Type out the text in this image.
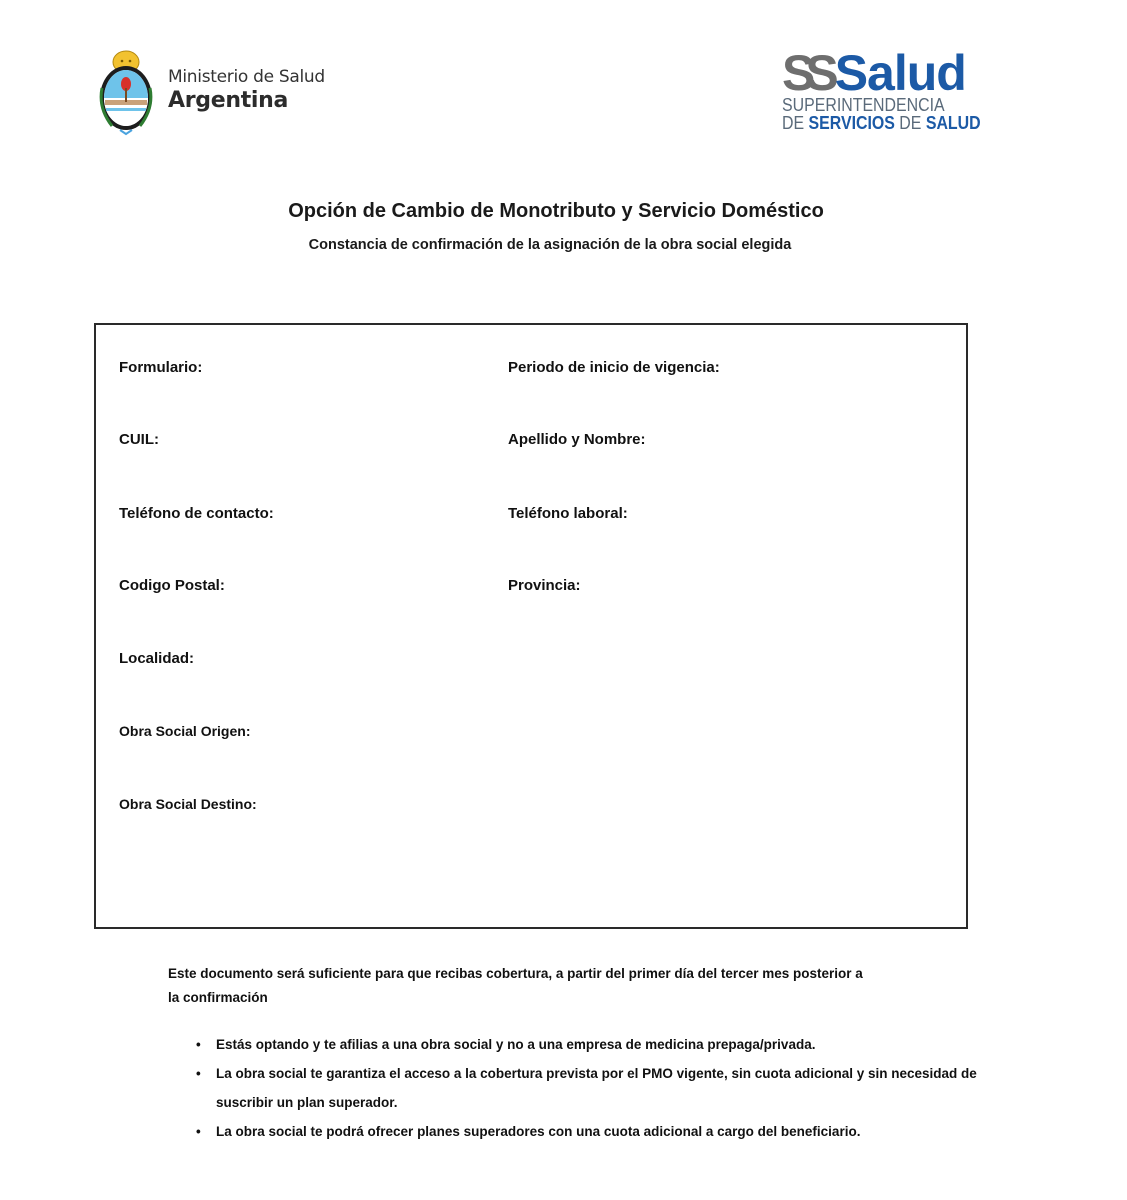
Ministerio de Salud
Argentina	SS Salud
SUPERINTENDENCIA
DE SERVICIOS DE SALUD
Opción de Cambio de Monotributo y Servicio Doméstico
Constancia de confirmación de la asignación de la obra social elegida
Formulario:	Periodo de inicio de vigencia:
CUIL:	Apellido y Nombre:
Teléfono de contacto:	Teléfono laboral:
Codigo Postal:	Provincia:
Localidad:
Obra Social Origen:
Obra Social Destino:
Este documento será suficiente para que recibas cobertura, a partir del primer día del tercer mes posterior a la confirmación
• Estás optando y te afilias a una obra social y no a una empresa de medicina prepaga/privada.
• La obra social te garantiza el acceso a la cobertura prevista por el PMO vigente, sin cuota adicional y sin necesidad de suscribir un plan superador.
• La obra social te podrá ofrecer planes superadores con una cuota adicional a cargo del beneficiario.
